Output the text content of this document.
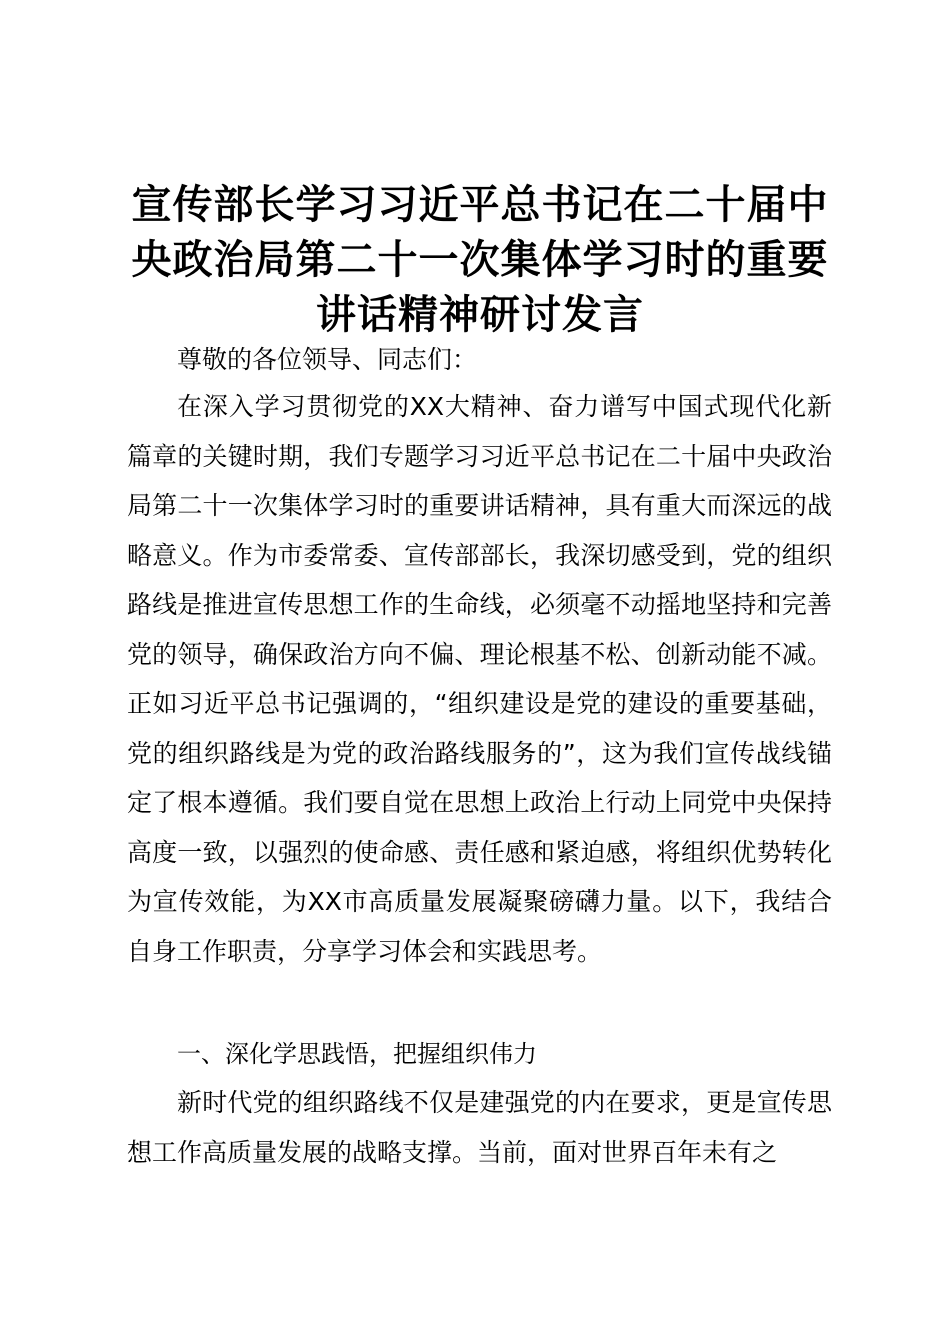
宣传部长学习习近平总书记在二十届中
央政治局第二十一次集体学习时的重要
讲话精神研讨发言

尊敬的各位领导、同志们：

在深入学习贯彻党的XX大精神、奋力谱写中国式现代化新篇章的关键时期，我们专题学习习近平总书记在二十届中央政治局第二十一次集体学习时的重要讲话精神，具有重大而深远的战略意义。作为市委常委、宣传部部长，我深切感受到，党的组织路线是推进宣传思想工作的生命线，必须毫不动摇地坚持和完善党的领导，确保政治方向不偏、理论根基不松、创新动能不减。正如习近平总书记强调的，“组织建设是党的建设的重要基础，党的组织路线是为党的政治路线服务的”，这为我们宣传战线锚定了根本遵循。我们要自觉在思想上政治上行动上同党中央保持高度一致，以强烈的使命感、责任感和紧迫感，将组织优势转化为宣传效能，为XX市高质量发展凝聚磅礴力量。以下，我结合自身工作职责，分享学习体会和实践思考。

一、深化学思践悟，把握组织伟力

新时代党的组织路线不仅是建强党的内在要求，更是宣传思想工作高质量发展的战略支撑。当前，面对世界百年未有之
